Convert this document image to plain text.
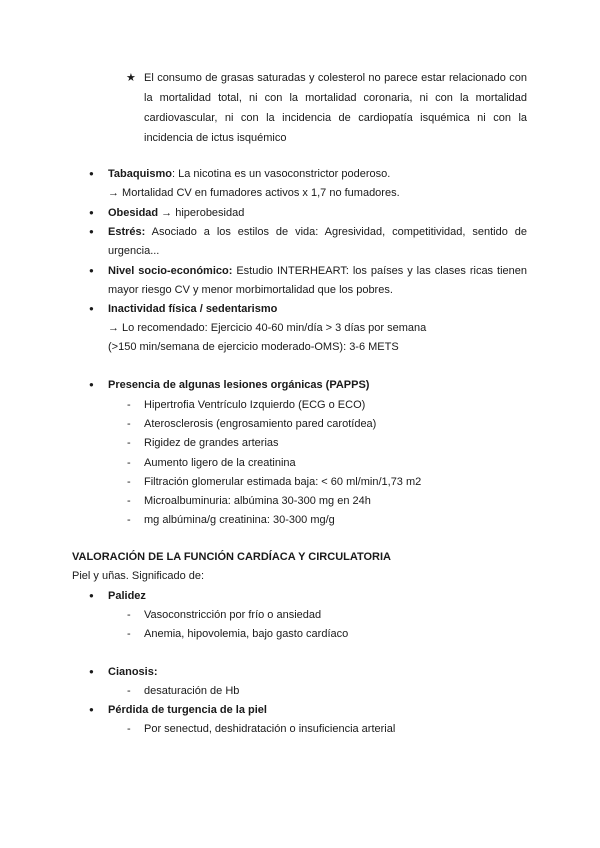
★ El consumo de grasas saturadas y colesterol no parece estar relacionado con
la mortalidad total, ni con la mortalidad coronaria, ni con la mortalidad
cardiovascular, ni con la incidencia de cardiopatía isquémica ni con la
incidencia de ictus isquémico
● Tabaquismo: La nicotina es un vasoconstrictor poderoso.
→ Mortalidad CV en fumadores activos x 1,7 no fumadores.
● Obesidad → hiperobesidad
● Estrés: Asociado a los estilos de vida: Agresividad, competitividad, sentido de
urgencia...
● Nivel socio-económico: Estudio INTERHEART: los países y las clases ricas tienen
mayor riesgo CV y menor morbimortalidad que los pobres.
● Inactividad física / sedentarismo
→ Lo recomendado: Ejercicio 40-60 min/día > 3 días por semana
(>150 min/semana de ejercicio moderado-OMS): 3-6 METS
● Presencia de algunas lesiones orgánicas (PAPPS)
- Hipertrofia Ventrículo Izquierdo (ECG o ECO)
- Aterosclerosis (engrosamiento pared carotídea)
- Rigidez de grandes arterias
- Aumento ligero de la creatinina
- Filtración glomerular estimada baja: < 60 ml/min/1,73 m2
- Microalbuminuria: albúmina 30-300 mg en 24h
- mg albúmina/g creatinina: 30-300 mg/g
VALORACIÓN DE LA FUNCIÓN CARDÍACA Y CIRCULATORIA
Piel y uñas. Significado de:
● Palidez
- Vasoconstricción por frío o ansiedad
- Anemia, hipovolemia, bajo gasto cardíaco
● Cianosis:
- desaturación de Hb
● Pérdida de turgencia de la piel
- Por senectud, deshidratación o insuficiencia arterial
